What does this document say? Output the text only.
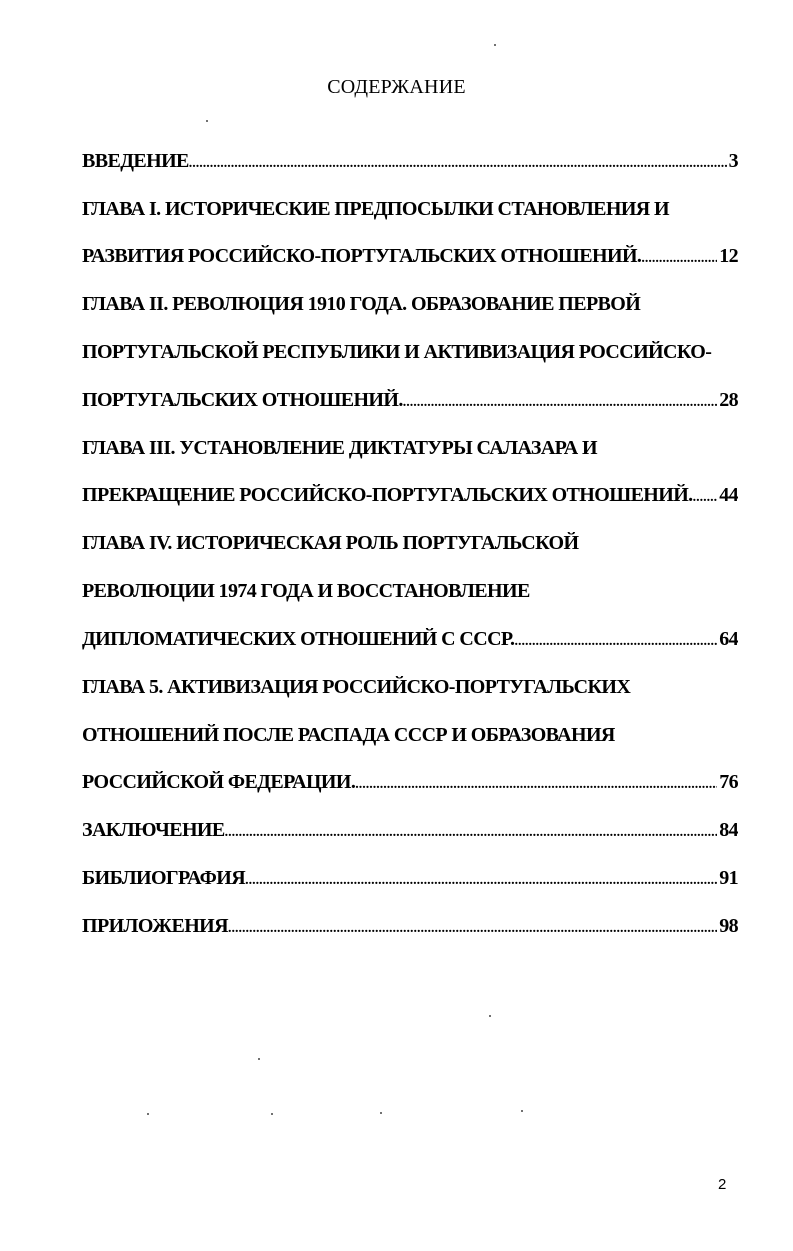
СОДЕРЖАНИЕ
ВВЕДЕНИЕ .....	3
ГЛАВА I. ИСТОРИЧЕСКИЕ ПРЕДПОСЫЛКИ СТАНОВЛЕНИЯ И
РАЗВИТИЯ РОССИЙСКО-ПОРТУГАЛЬСКИХ ОТНОШЕНИЙ. .....	12
ГЛАВА II. РЕВОЛЮЦИЯ 1910 ГОДА. ОБРАЗОВАНИЕ ПЕРВОЙ
ПОРТУГАЛЬСКОЙ РЕСПУБЛИКИ И АКТИВИЗАЦИЯ РОССИЙСКО-
ПОРТУГАЛЬСКИХ ОТНОШЕНИЙ. .....	28
ГЛАВА III. УСТАНОВЛЕНИЕ ДИКТАТУРЫ САЛАЗАРА И
ПРЕКРАЩЕНИЕ РОССИЙСКО-ПОРТУГАЛЬСКИХ ОТНОШЕНИЙ. ..... 44
ГЛАВА IV. ИСТОРИЧЕСКАЯ РОЛЬ ПОРТУГАЛЬСКОЙ
РЕВОЛЮЦИИ 1974 ГОДА И ВОССТАНОВЛЕНИЕ
ДИПЛОМАТИЧЕСКИХ ОТНОШЕНИЙ С СССР. .....	64
ГЛАВА 5. АКТИВИЗАЦИЯ РОССИЙСКО-ПОРТУГАЛЬСКИХ
ОТНОШЕНИЙ ПОСЛЕ РАСПАДА СССР И ОБРАЗОВАНИЯ
РОССИЙСКОЙ ФЕДЕРАЦИИ. .....	76
ЗАКЛЮЧЕНИЕ .....	84
БИБЛИОГРАФИЯ .....	91
ПРИЛОЖЕНИЯ .....	98
2
